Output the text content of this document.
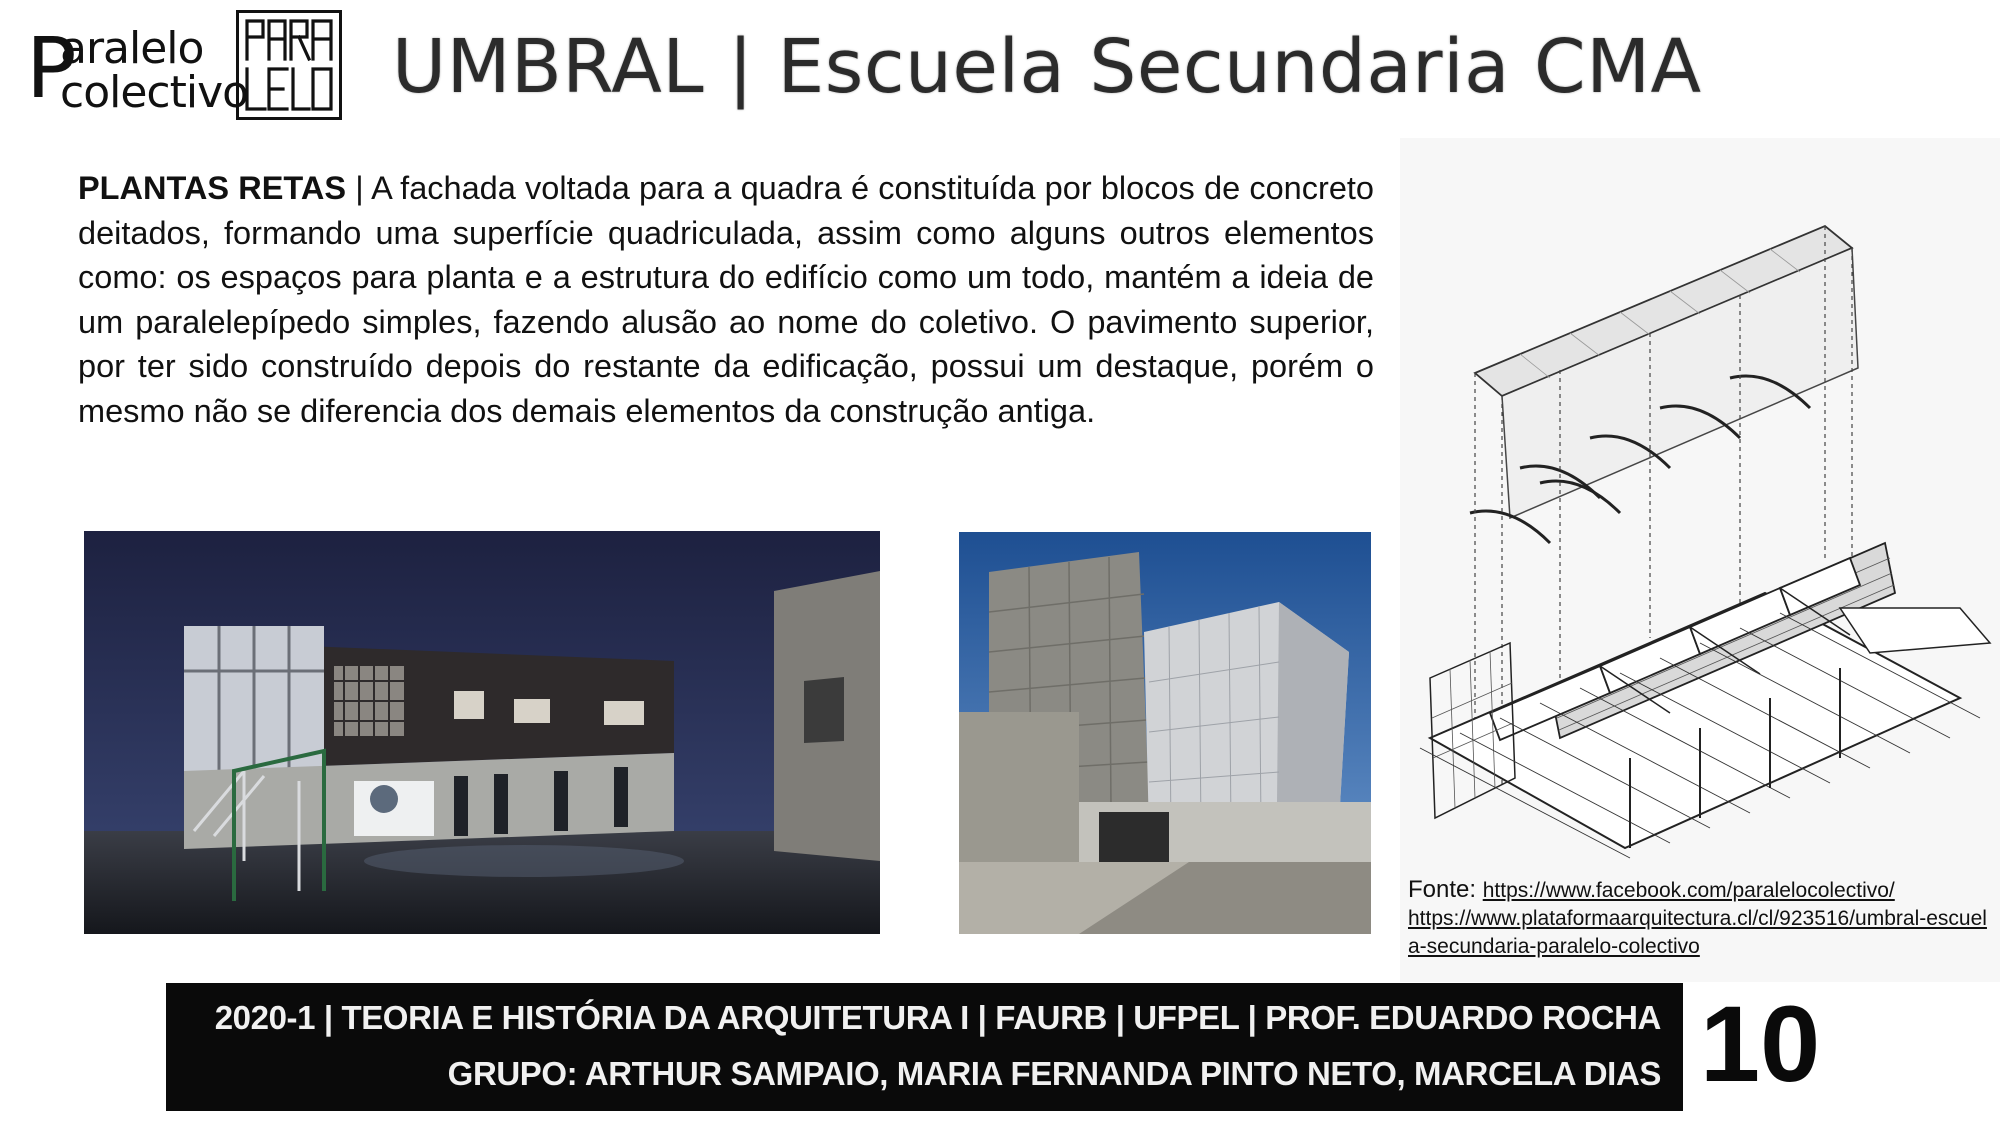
P
aralelo
colectivo UMBRAL | Escuela Secundaria CMA

PLANTAS RETAS | A fachada voltada para a quadra é constituída por blocos de concreto deitados, formando uma superfície quadriculada, assim como alguns outros elementos como: os espaços para planta e a estrutura do edifício como um todo, mantém a ideia de um paralelepípedo simples, fazendo alusão ao nome do coletivo. O pavimento superior, por ter sido construído depois do restante da edificação, possui um destaque, porém o mesmo não se diferencia dos demais elementos da construção antiga.

Fonte: https://www.facebook.com/paralelocolectivo/
https://www.plataformaarquitectura.cl/cl/923516/umbral-escuela-secundaria-paralelo-colectivo
2020-1 | TEORIA E HISTÓRIA DA ARQUITETURA I | FAURB | UFPEL | PROF. EDUARDO ROCHA
GRUPO: ARTHUR SAMPAIO, MARIA FERNANDA PINTO NETO, MARCELA DIAS 10
